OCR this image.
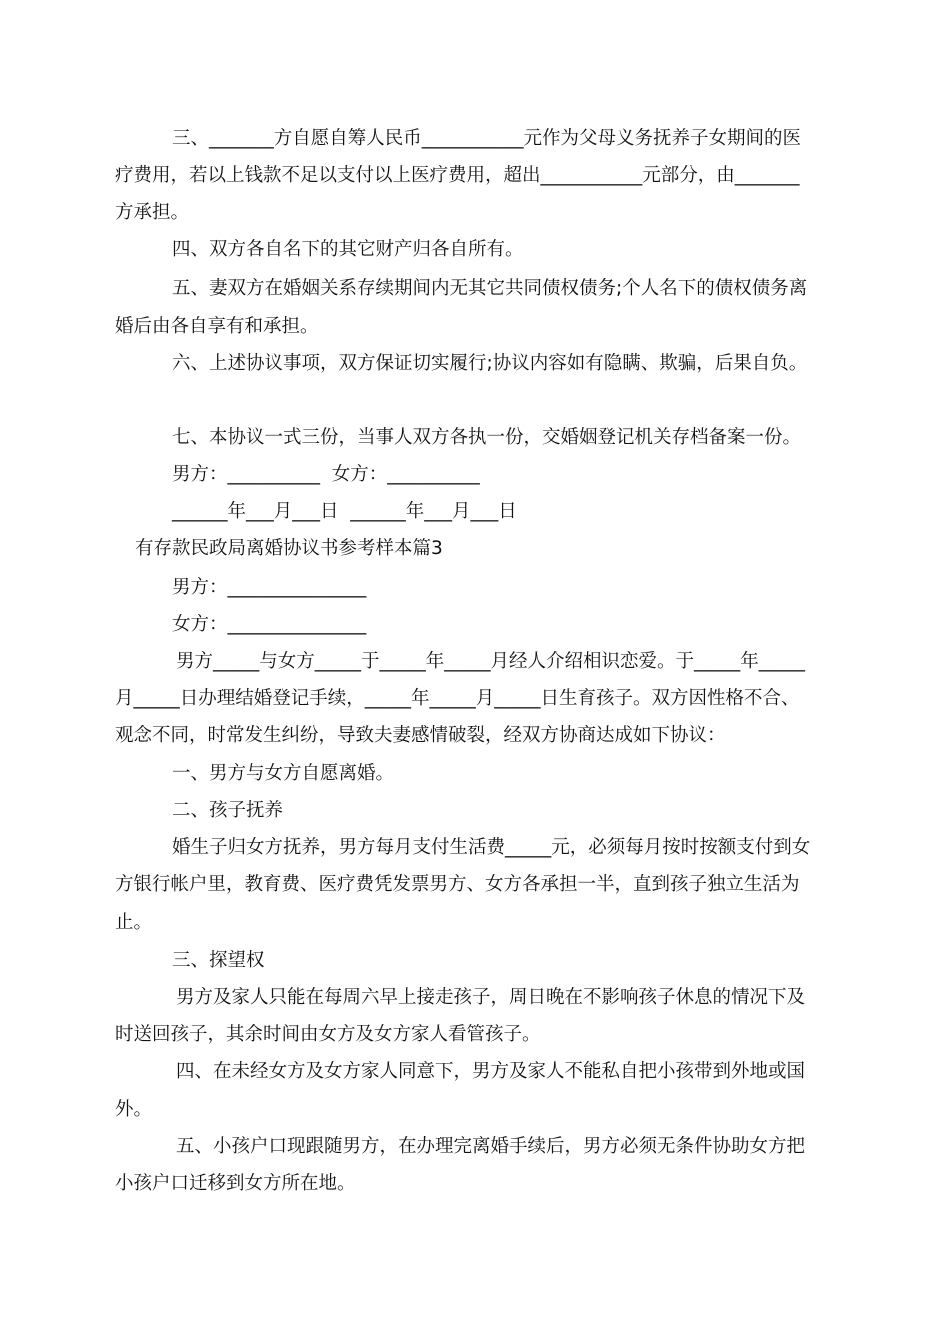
三、_______方自愿自筹人民币___________元作为父母义务抚养子女期间的医
疗费用，若以上钱款不足以支付以上医疗费用，超出___________元部分，由_______
方承担。
四、双方各自名下的其它财产归各自所有。
五、妻双方在婚姻关系存续期间内无其它共同债权债务;个人名下的债权债务离
婚后由各自享有和承担。
六、上述协议事项，双方保证切实履行;协议内容如有隐瞒、欺骗，后果自负。
七、本协议一式三份，当事人双方各执一份，交婚姻登记机关存档备案一份。
男方：__________  女方：__________
______年___月___日  ______年___月___日
有存款民政局离婚协议书参考样本篇3
男方：_______________
女方：_______________
男方_____与女方_____于_____年_____月经人介绍相识恋爱。于_____年_____
月_____日办理结婚登记手续，_____年_____月_____日生育孩子。双方因性格不合、
观念不同，时常发生纠纷，导致夫妻感情破裂，经双方协商达成如下协议：
一、男方与女方自愿离婚。
二、孩子抚养
婚生子归女方抚养，男方每月支付生活费_____元，必须每月按时按额支付到女
方银行帐户里，教育费、医疗费凭发票男方、女方各承担一半，直到孩子独立生活为
止。
三、探望权
男方及家人只能在每周六早上接走孩子，周日晚在不影响孩子休息的情况下及
时送回孩子，其余时间由女方及女方家人看管孩子。
四、在未经女方及女方家人同意下，男方及家人不能私自把小孩带到外地或国
外。
五、小孩户口现跟随男方，在办理完离婚手续后，男方必须无条件协助女方把
小孩户口迁移到女方所在地。
